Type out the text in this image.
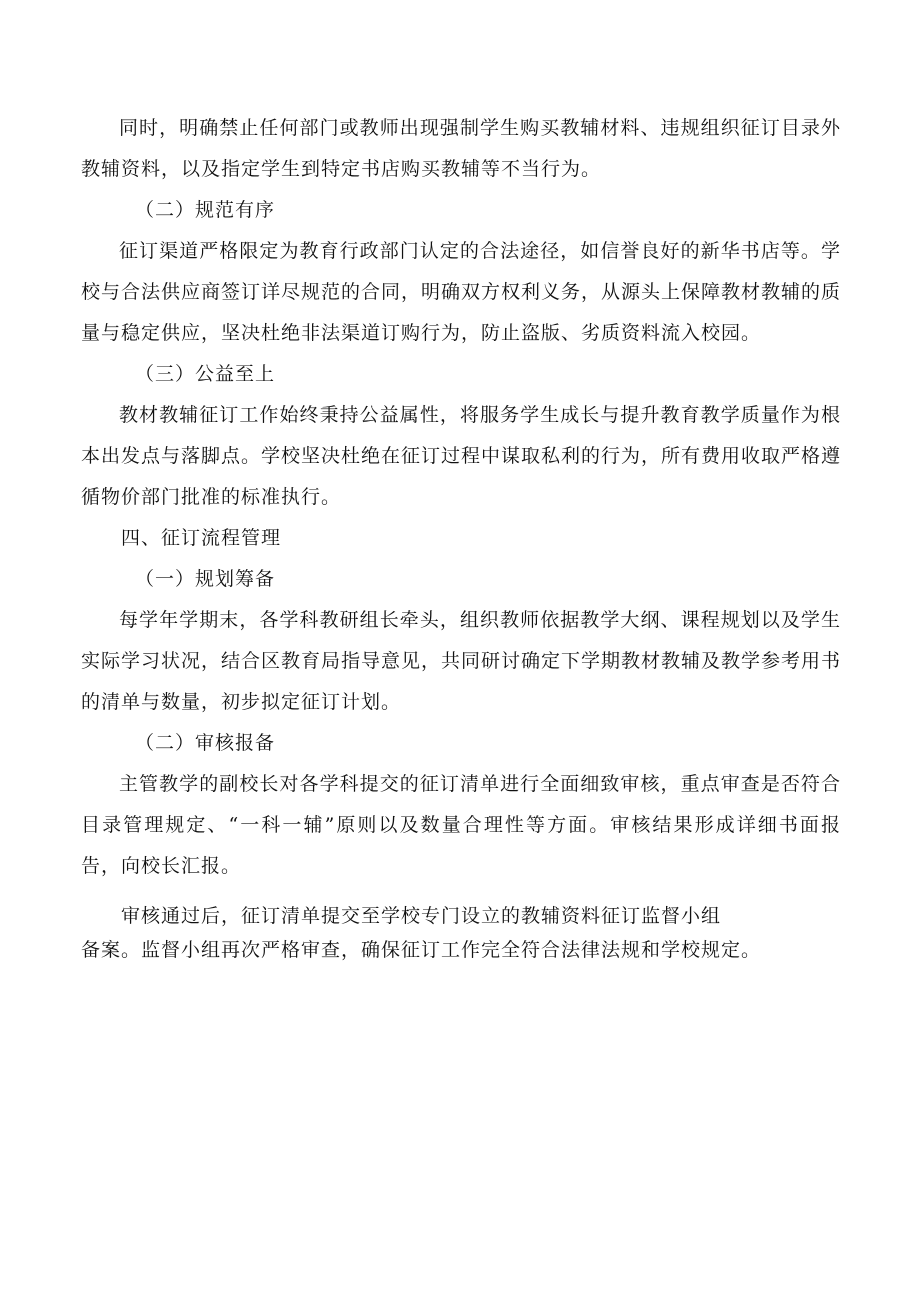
同时，明确禁止任何部门或教师出现强制学生购买教辅材料、违规组织征订目录外教辅资料，以及指定学生到特定书店购买教辅等不当行为。

（二）规范有序

征订渠道严格限定为教育行政部门认定的合法途径，如信誉良好的新华书店等。学校与合法供应商签订详尽规范的合同，明确双方权利义务，从源头上保障教材教辅的质量与稳定供应，坚决杜绝非法渠道订购行为，防止盗版、劣质资料流入校园。

（三）公益至上

教材教辅征订工作始终秉持公益属性，将服务学生成长与提升教育教学质量作为根本出发点与落脚点。学校坚决杜绝在征订过程中谋取私利的行为，所有费用收取严格遵循物价部门批准的标准执行。

四、征订流程管理

（一）规划筹备

每学年学期末，各学科教研组长牵头，组织教师依据教学大纲、课程规划以及学生实际学习状况，结合区教育局指导意见，共同研讨确定下学期教材教辅及教学参考用书的清单与数量，初步拟定征订计划。

（二）审核报备

主管教学的副校长对各学科提交的征订清单进行全面细致审核，重点审查是否符合目录管理规定、“一科一辅”原则以及数量合理性等方面。审核结果形成详细书面报告，向校长汇报。

审核通过后，征订清单提交至学校专门设立的教辅资料征订监督小组
备案。监督小组再次严格审查，确保征订工作完全符合法律法规和学校规定。
